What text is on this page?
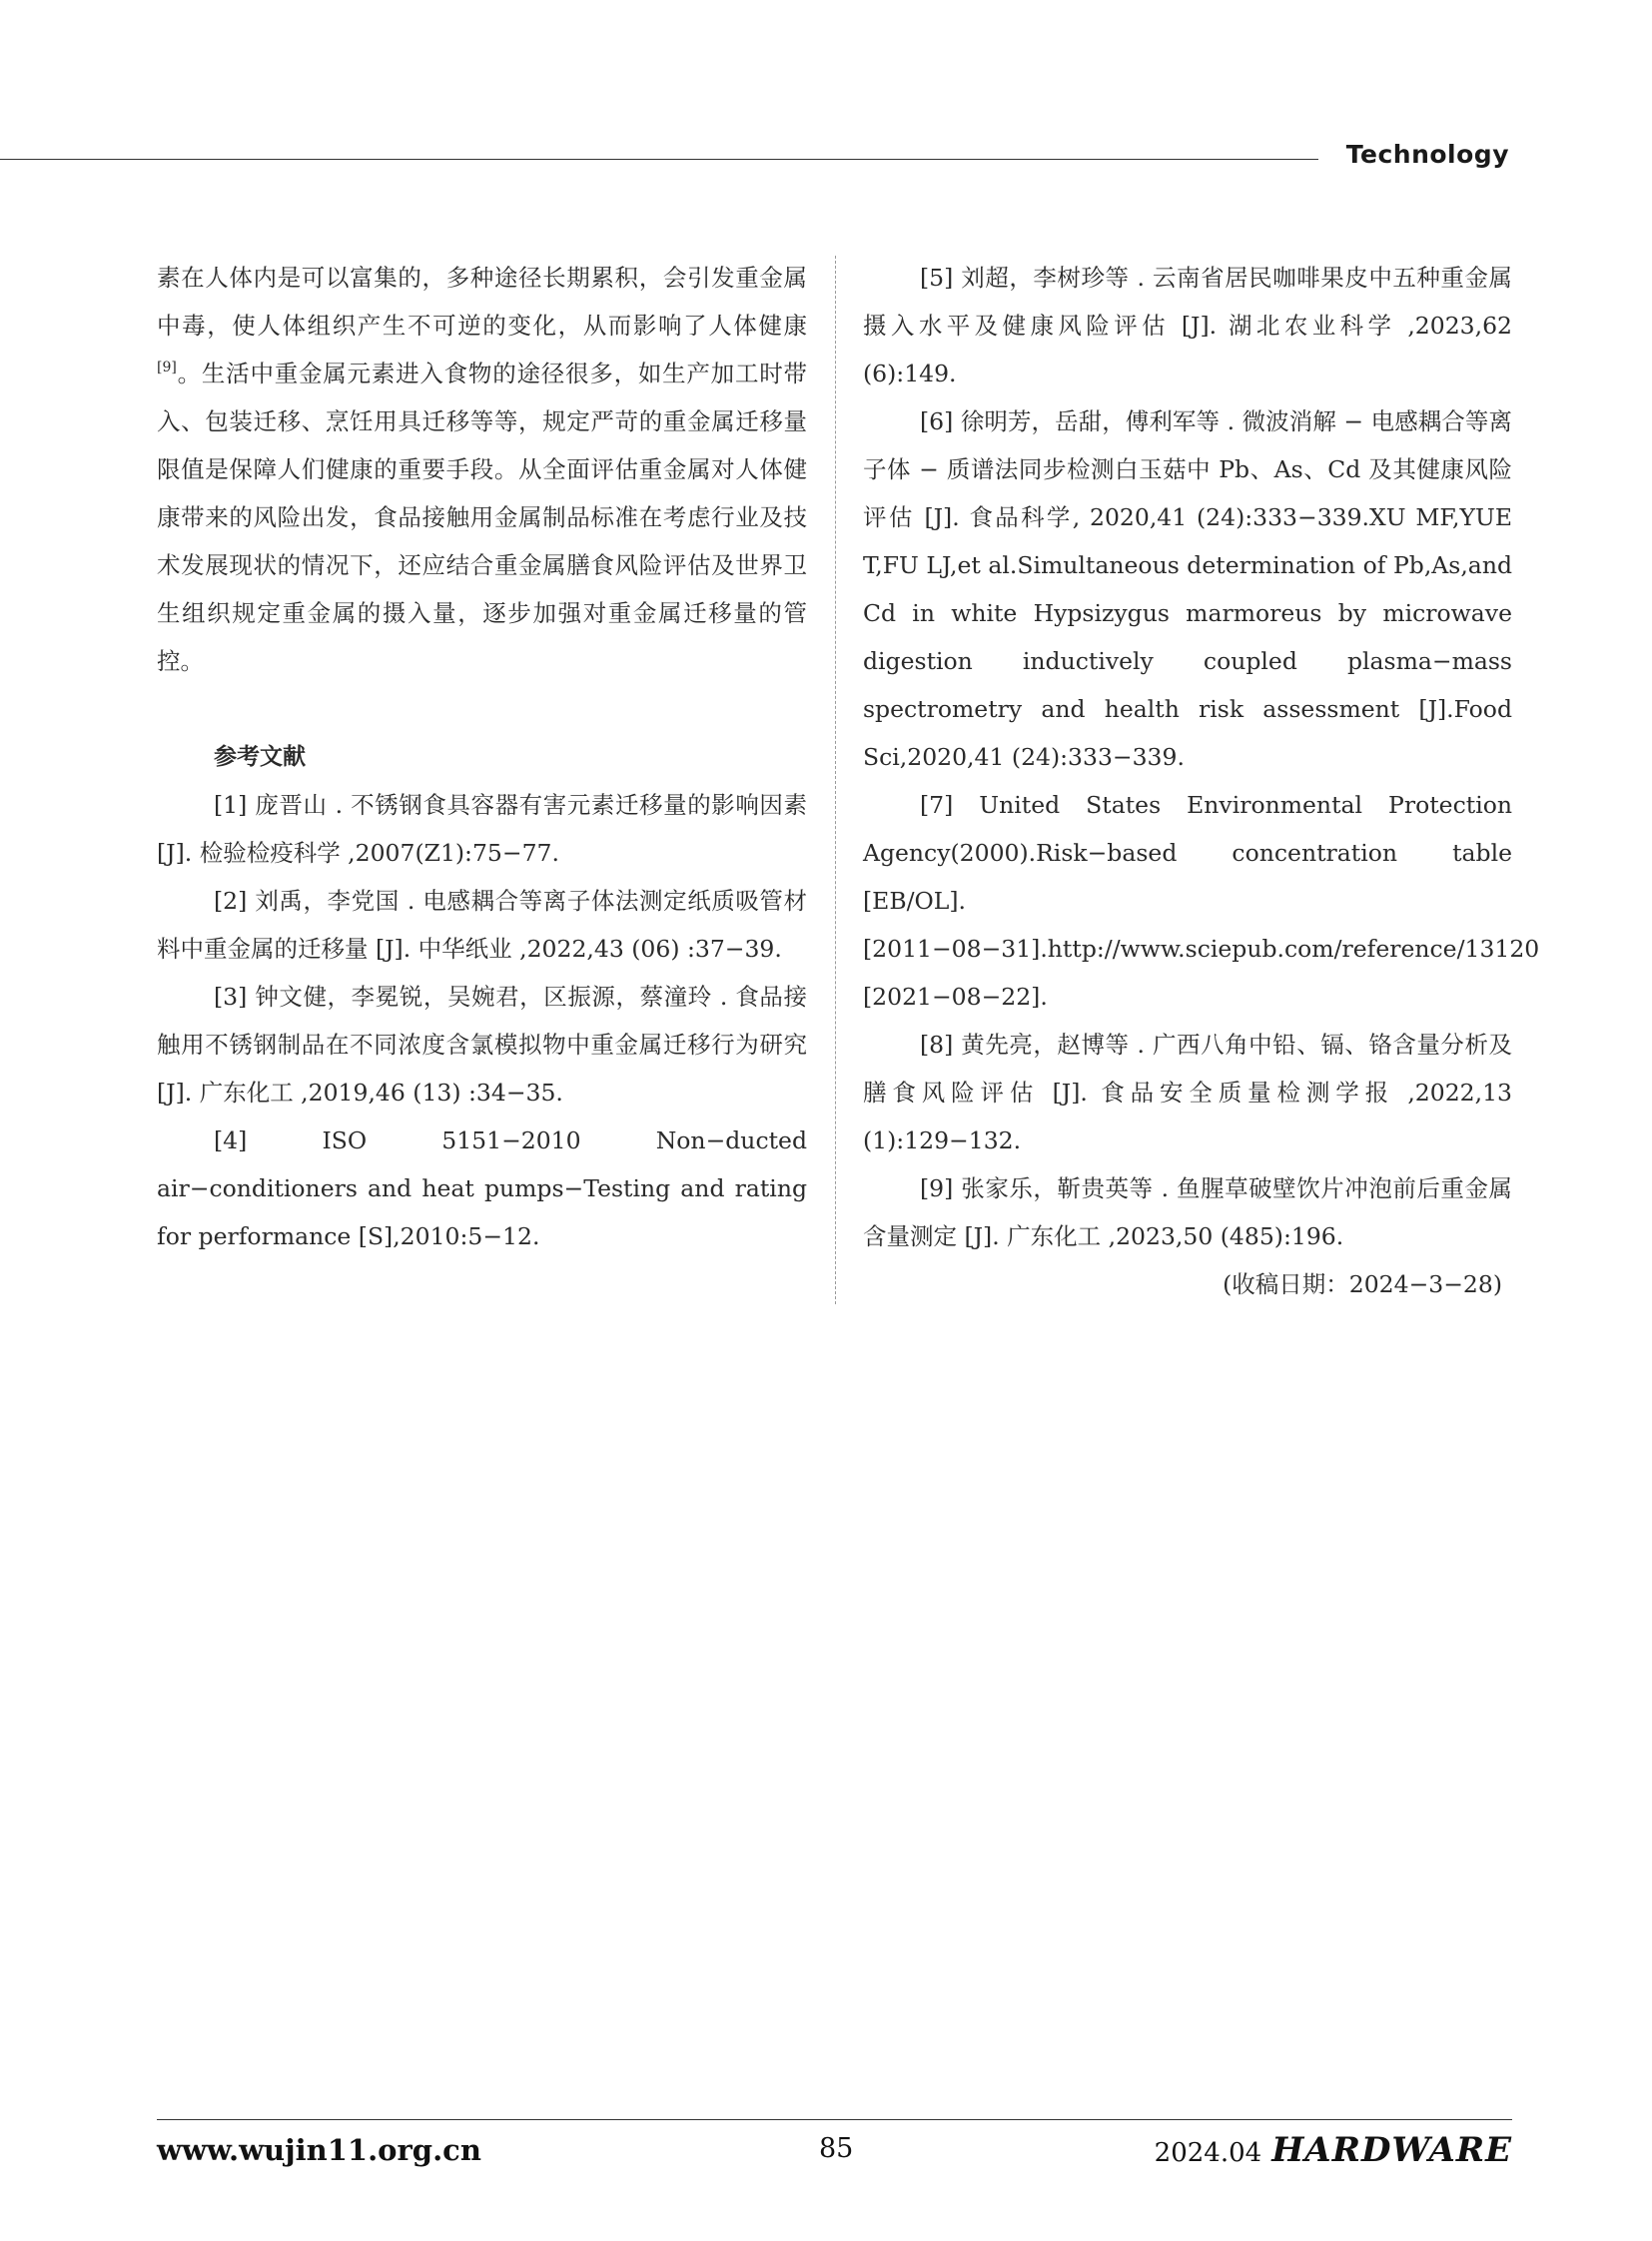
Technology

素在人体内是可以富集的，多种途径长期累积，会引发重金属中毒，使人体组织产生不可逆的变化，从而影响了人体健康[9]。生活中重金属元素进入食物的途径很多，如生产加工时带入、包装迁移、烹饪用具迁移等等，规定严苛的重金属迁移量限值是保障人们健康的重要手段。从全面评估重金属对人体健康带来的风险出发，食品接触用金属制品标准在考虑行业及技术发展现状的情况下，还应结合重金属膳食风险评估及世界卫生组织规定重金属的摄入量，逐步加强对重金属迁移量的管控。

参考文献

[1] 庞晋山 . 不锈钢食具容器有害元素迁移量的影响因素 [J]. 检验检疫科学 ,2007(Z1):75−77.

[2] 刘禹，李党国 . 电感耦合等离子体法测定纸质吸管材料中重金属的迁移量 [J]. 中华纸业 ,2022,43 (06) :37−39.

[3] 钟文健，李冕锐，吴婉君，区振源，蔡潼玲 . 食品接触用不锈钢制品在不同浓度含氯模拟物中重金属迁移行为研究 [J]. 广东化工 ,2019,46 (13) :34−35.

[4] ISO 5151−2010 Non−ducted air−conditioners and heat pumps−Testing and rating for performance [S],2010:5−12.

[5] 刘超，李树珍等 . 云南省居民咖啡果皮中五种重金属摄入水平及健康风险评估 [J]. 湖北农业科学 ,2023,62 (6):149.

[6] 徐明芳，岳甜，傅利军等 . 微波消解 − 电感耦合等离子体 − 质谱法同步检测白玉菇中 Pb、As、Cd 及其健康风险评估 [J]. 食品科学, 2020,41 (24):333−339.XU MF,YUE T,FU LJ,et al.Simultaneous determination of Pb,As,and Cd in white Hypsizygus marmoreus by microwave digestion inductively coupled plasma−mass spectrometry and health risk assessment [J].Food Sci,2020,41 (24):333−339.

[7] United States Environmental Protection Agency(2000).Risk−based concentration table [EB/OL].[2011−08−31].http://www.sciepub.com/reference/13120 [2021−08−22].

[8] 黄先亮，赵博等 . 广西八角中铅、镉、铬含量分析及膳食风险评估 [J]. 食品安全质量检测学报 ,2022,13 (1):129−132.

[9] 张家乐，靳贵英等 . 鱼腥草破壁饮片冲泡前后重金属含量测定 [J]. 广东化工 ,2023,50 (485):196.

(收稿日期：2024−3−28)

www.wujin11.org.cn	85	2024.04 HARDWARE
